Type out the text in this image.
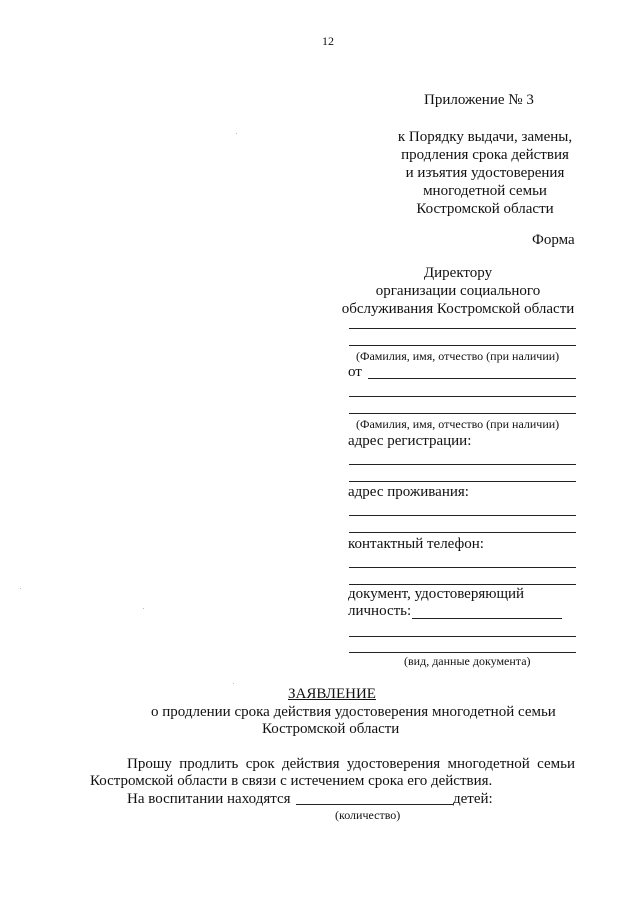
12
Приложение № 3
к Порядку выдачи, замены,
продления срока действия
и изъятия удостоверения
многодетной семьи
Костромской области
Форма
Директору
организации социального
обслуживания Костромской области
(Фамилия, имя, отчество (при наличии)
от
(Фамилия, имя, отчество (при наличии)
адрес регистрации:
адрес проживания:
контактный телефон:
документ, удостоверяющий
личность:
(вид, данные документа)
ЗАЯВЛЕНИЕ
о продлении срока действия удостоверения многодетной семьи
Костромской области
Прошу продлить срок действия удостоверения многодетной семьи
Костромской области в связи с истечением срока его действия.
На воспитании находятся	детей:
(количество)
